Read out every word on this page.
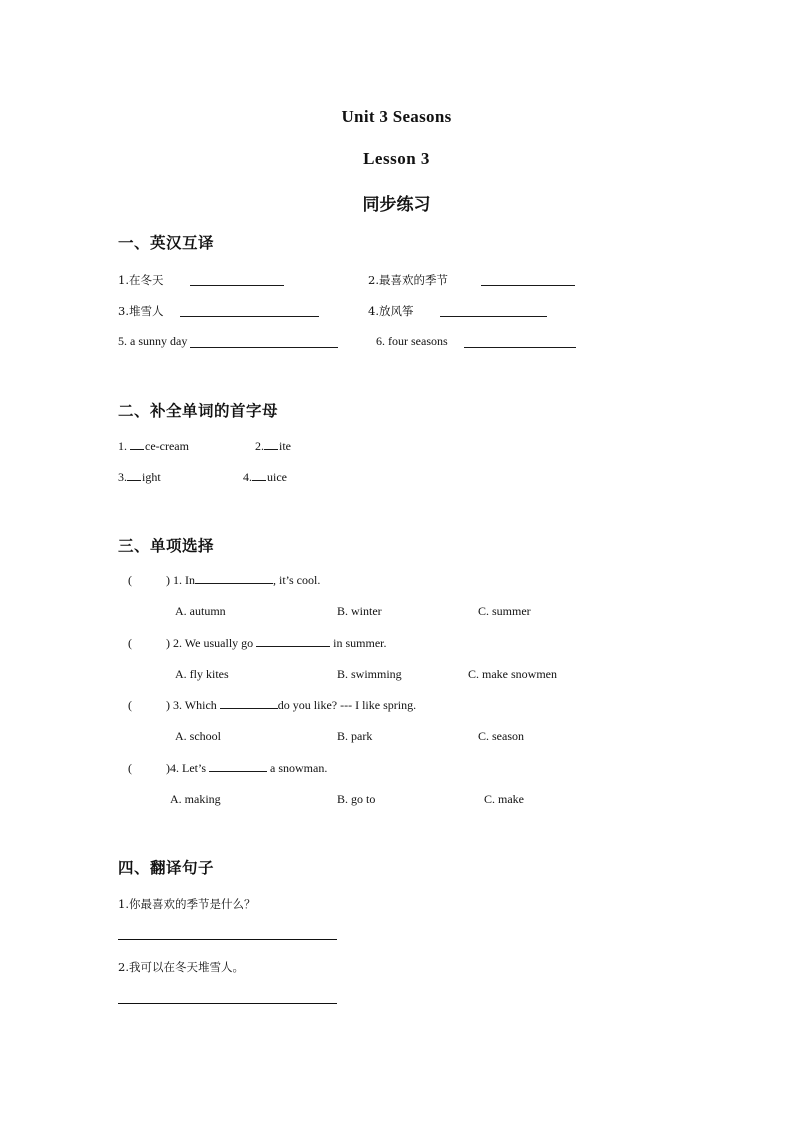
Unit 3 Seasons
Lesson 3
同步练习
一、英汉互译
1.在冬天	2.最喜欢的季节
3.堆雪人	4.放风筝
5. a sunny day	6. four seasons
二、补全单词的首字母
1. ce-cream	2. ite
3. ight	4. uice
三、单项选择
(	) 1. In	, it’s cool.
A. autumn	B. winter	C. summer
(	) 2. We usually go	in summer.
A. fly kites	B. swimming	C. make snowmen
(	) 3. Which	do you like? --- I like spring.
A. school	B. park	C. season
(	)4. Let’s	a snowman.
A. making	B. go to	C. make
四、翻译句子
1.你最喜欢的季节是什么？
2.我可以在冬天堆雪人。
